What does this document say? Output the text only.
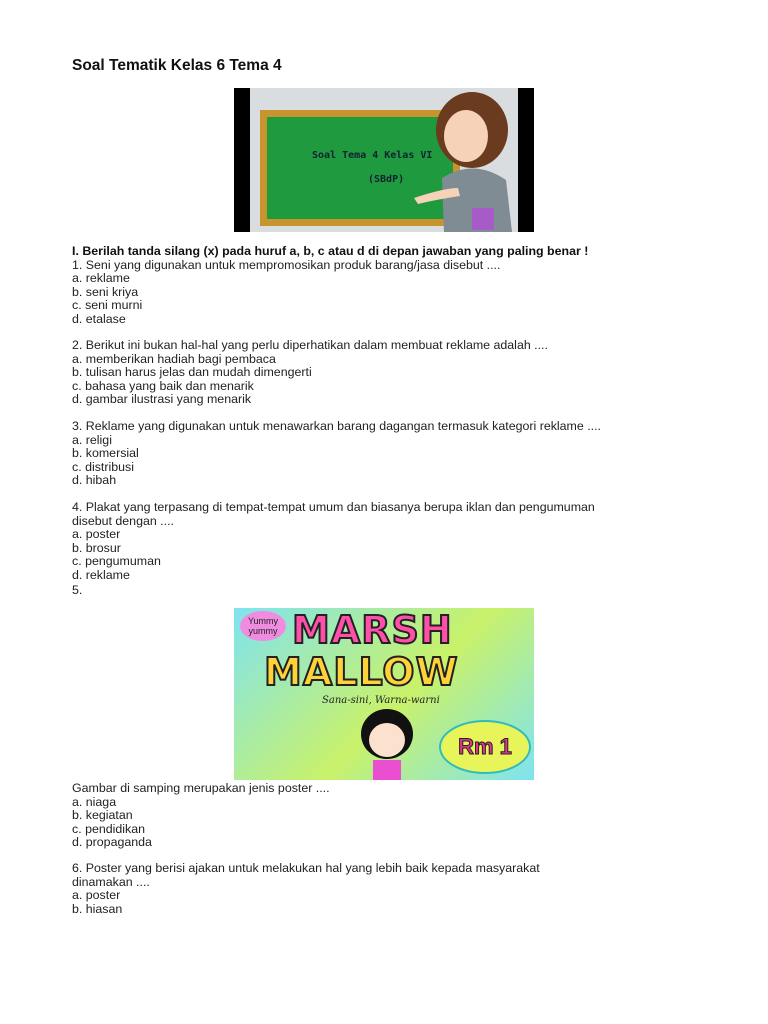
Soal Tematik Kelas 6 Tema 4
Soal Tema 4 Kelas VI
(SBdP)
I. Berilah tanda silang (x) pada huruf a, b, c atau d di depan jawaban yang paling benar !
1. Seni yang digunakan untuk mempromosikan produk barang/jasa disebut ....
a. reklame
b. seni kriya
c. seni murni
d. etalase
2. Berikut ini bukan hal-hal yang perlu diperhatikan dalam membuat reklame adalah ....
a. memberikan hadiah bagi pembaca
b. tulisan harus jelas dan mudah dimengerti
c. bahasa yang baik dan menarik
d. gambar ilustrasi yang menarik
3. Reklame yang digunakan untuk menawarkan barang dagangan termasuk kategori reklame ....
a. religi
b. komersial
c. distribusi
d. hibah
4. Plakat yang terpasang di tempat-tempat umum dan biasanya berupa iklan dan pengumuman
disebut dengan ....
a. poster
b. brosur
c. pengumuman
d. reklame
5.
Yummy yummy MARSH
MALLOW
Sana-sini, Warna-warni
Rm 1
Gambar di samping merupakan jenis poster ....
a. niaga
b. kegiatan
c. pendidikan
d. propaganda
6. Poster yang berisi ajakan untuk melakukan hal yang lebih baik kepada masyarakat
dinamakan ....
a. poster
b. hiasan
